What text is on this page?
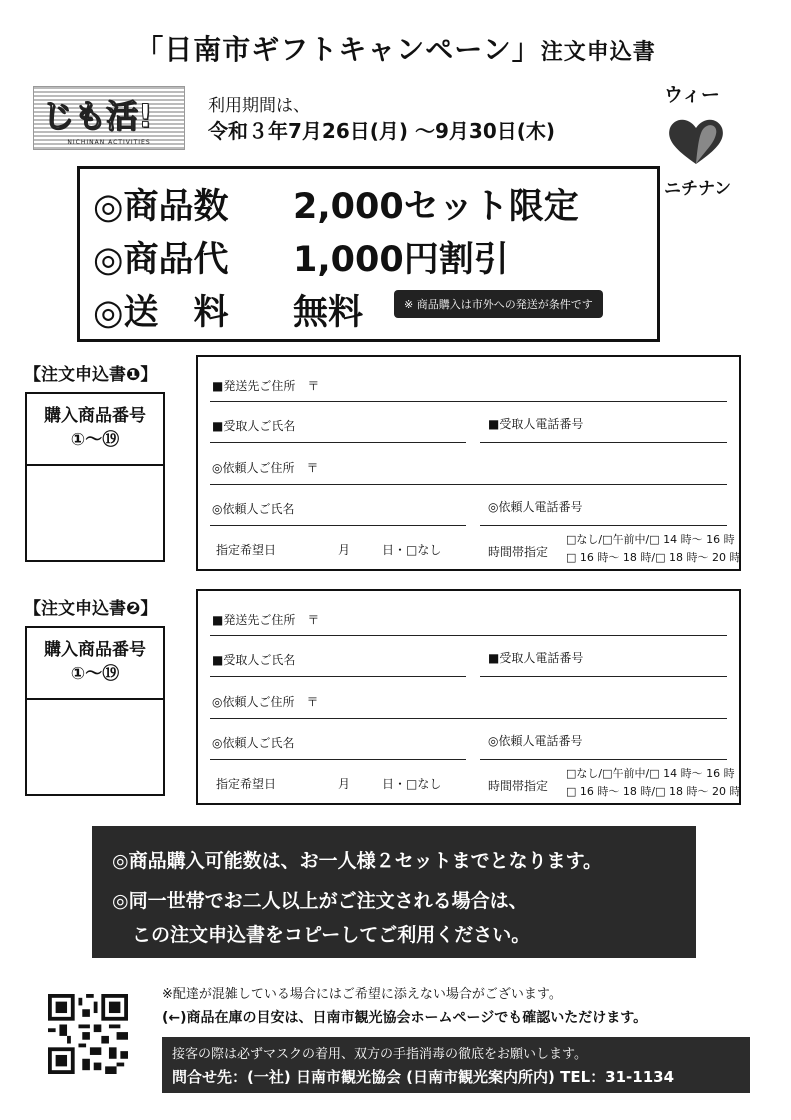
「日南市ギフトキャンペーン」注文申込書
じも活!
NICHINAN ACTIVITIES
利用期間は、
令和３年7月26日(月) ～9月30日(木)
ウィー
ニチナン
◎商品数 2,000セット限定
◎商品代 1,000円割引
◎送　料 無料	※ 商品購入は市外への発送が条件です
【注文申込書❶】
購入商品番号
①～⑲
■発送先ご住所　〒
■受取人ご氏名	■受取人電話番号
◎依頼人ご住所　〒
◎依頼人ご氏名	◎依頼人電話番号
指定希望日	月	日・□なし	時間帯指定
□なし/□午前中/□ 14 時～ 16 時
□ 16 時～ 18 時/□ 18 時～ 20 時
【注文申込書❷】
購入商品番号
①～⑲
■発送先ご住所　〒
■受取人ご氏名	■受取人電話番号
◎依頼人ご住所　〒
◎依頼人ご氏名	◎依頼人電話番号
指定希望日	月	日・□なし	時間帯指定
□なし/□午前中/□ 14 時～ 16 時
□ 16 時～ 18 時/□ 18 時～ 20 時
◎商品購入可能数は、お一人様２セットまでとなります。
◎同一世帯でお二人以上がご注文される場合は、
この注文申込書をコピーしてご利用ください。
※配達が混雑している場合にはご希望に添えない場合がございます。
(←)商品在庫の目安は、日南市観光協会ホームページでも確認いただけます。
接客の際は必ずマスクの着用、双方の手指消毒の徹底をお願いします。
問合せ先：(一社) 日南市観光協会 (日南市観光案内所内) TEL：31-1134
